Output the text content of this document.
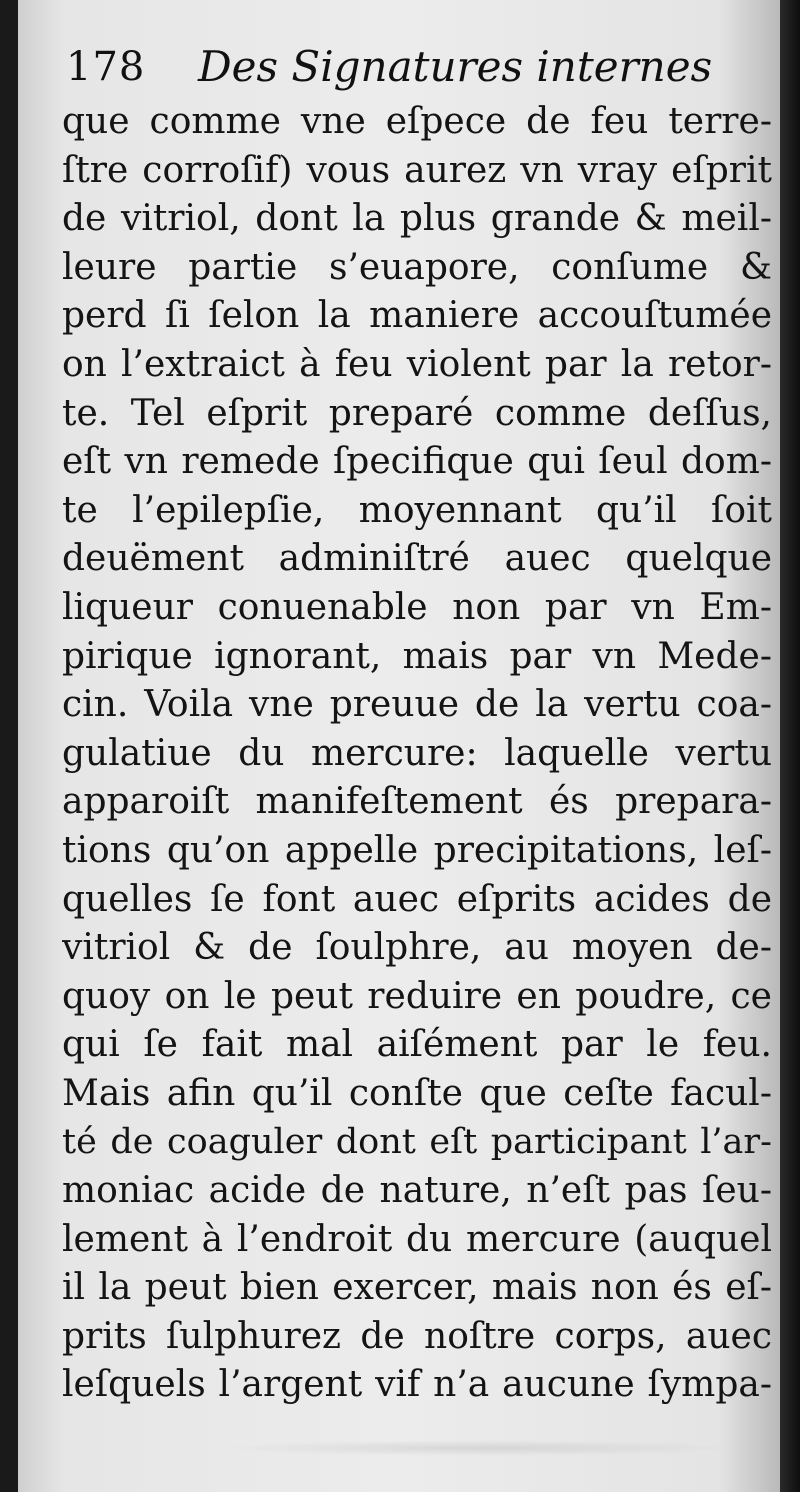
178 Des Signatures internes
que comme vne eſpece de feu terre-
ſtre corroſif) vous aurez vn vray eſprit
de vitriol, dont la plus grande & meil-
leure partie s’euapore, conſume &
perd ſi ſelon la maniere accouſtumée
on l’extraict à feu violent par la retor-
te. Tel eſprit preparé comme deſſus,
eſt vn remede ſpecifique qui ſeul dom-
te l’epilepſie, moyennant qu’il ſoit
deuëment adminiſtré auec quelque
liqueur conuenable non par vn Em-
pirique ignorant, mais par vn Mede-
cin. Voila vne preuue de la vertu coa-
gulatiue du mercure: laquelle vertu
apparoiſt manifeſtement és prepara-
tions qu’on appelle precipitations, leſ-
quelles ſe font auec eſprits acides de
vitriol & de ſoulphre, au moyen de-
quoy on le peut reduire en poudre, ce
qui ſe fait mal aiſément par le feu.
Mais afin qu’il conſte que ceſte facul-
té de coaguler dont eſt participant l’ar-
moniac acide de nature, n’eſt pas ſeu-
lement à l’endroit du mercure (auquel
il la peut bien exercer, mais non és eſ-
prits ſulphurez de noſtre corps, auec
leſquels l’argent vif n’a aucune ſympa-
